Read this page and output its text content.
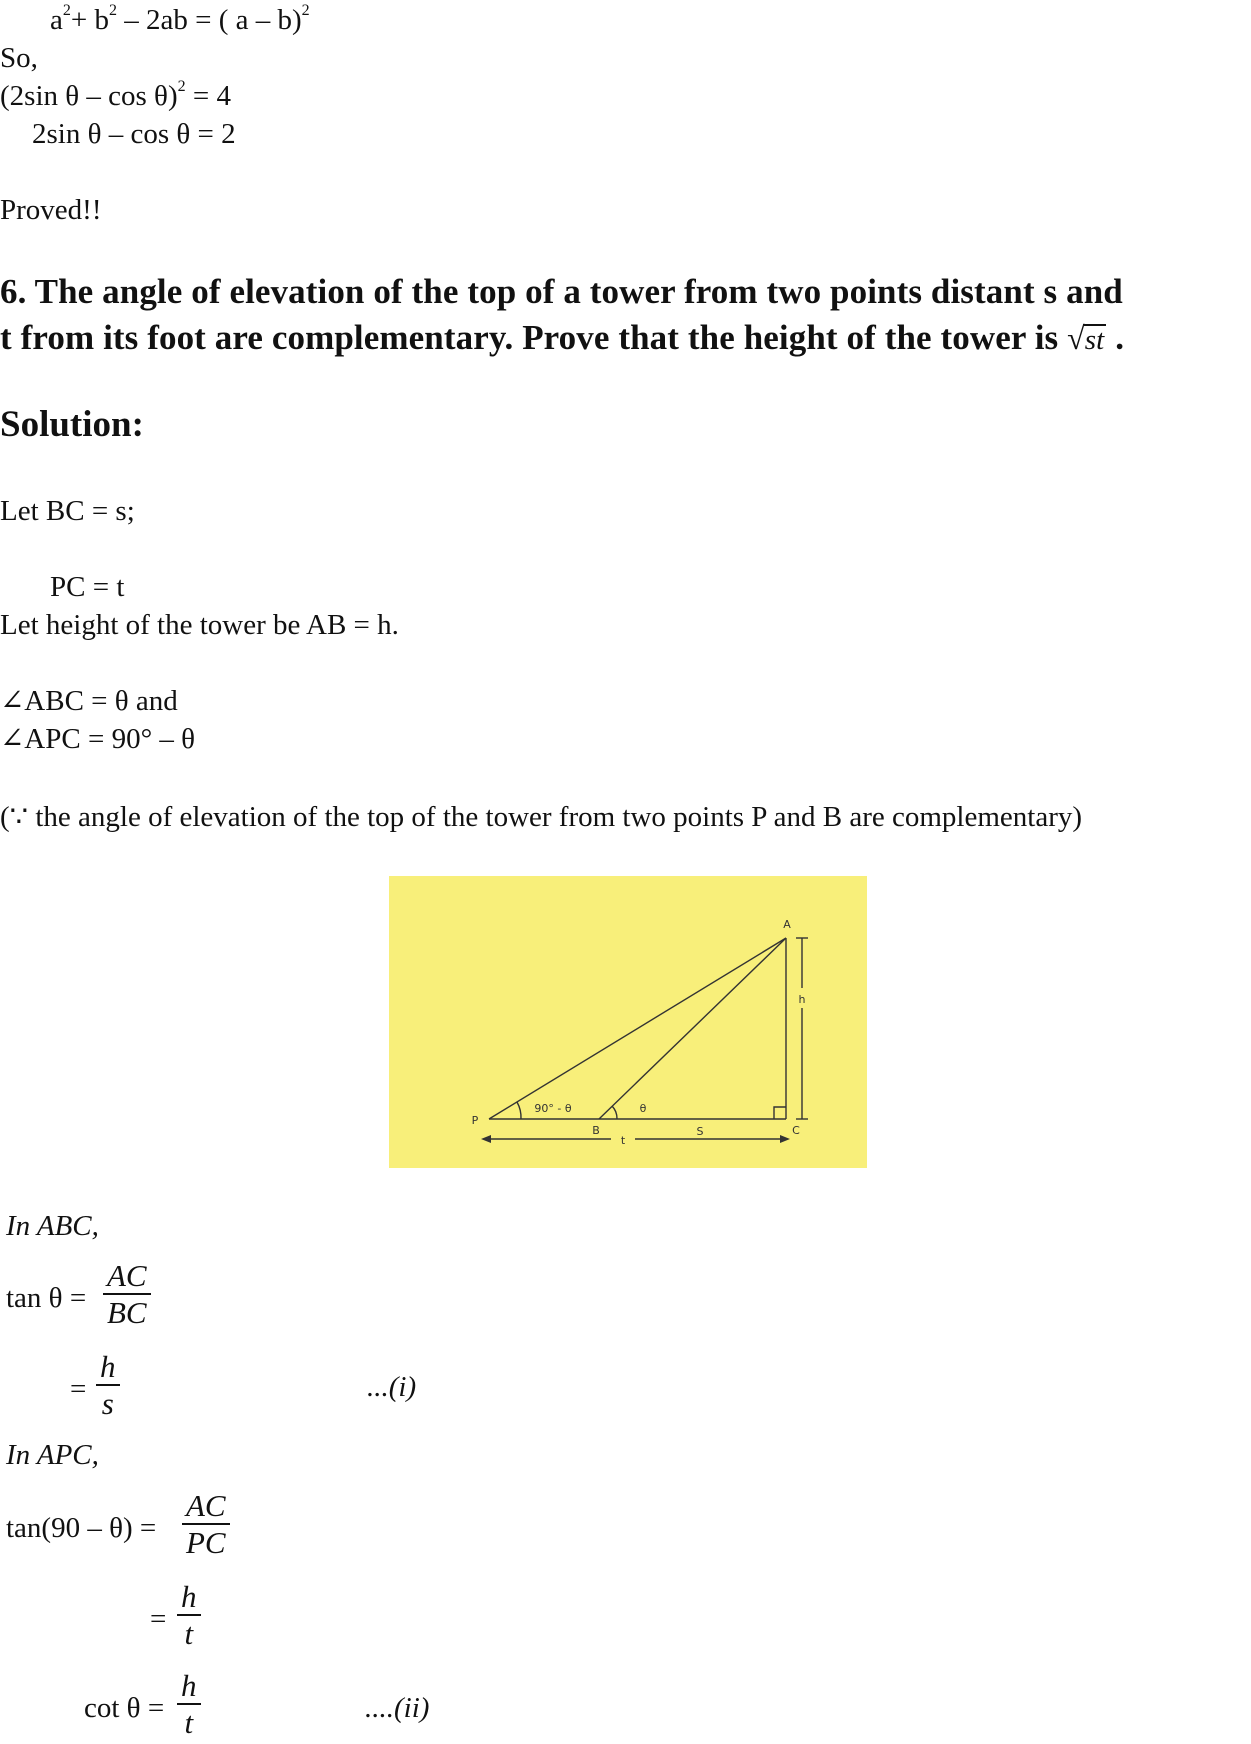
$a^2+ b^2 - 2ab$ = ( a – b)$^2$
So,
(2sin θ – cos θ)$^2$ = 4
2sin θ – cos θ = 2
Proved!!
6. The angle of elevation of the top of a tower from two points distant s and
t from its foot are complementary. Prove that the height of the tower is √st .
Solution:
Let BC = s;
PC = t
Let height of the tower be AB = h.
∠ABC = θ and
∠APC = 90° – θ
(∵ the angle of elevation of the top of the tower from two points P and B are complementary)
A
h
P
B	C
S
t
90° - θ	θ
In ABC,
$\tan \theta = \frac{AC}{BC}$
= $\frac{h}{s}$	...(i)
In APC,
$\tan(90 - \theta) = \frac{AC}{PC}$
= $\frac{h}{t}$
$\cot \theta = \frac{h}{t}$	....(ii)
